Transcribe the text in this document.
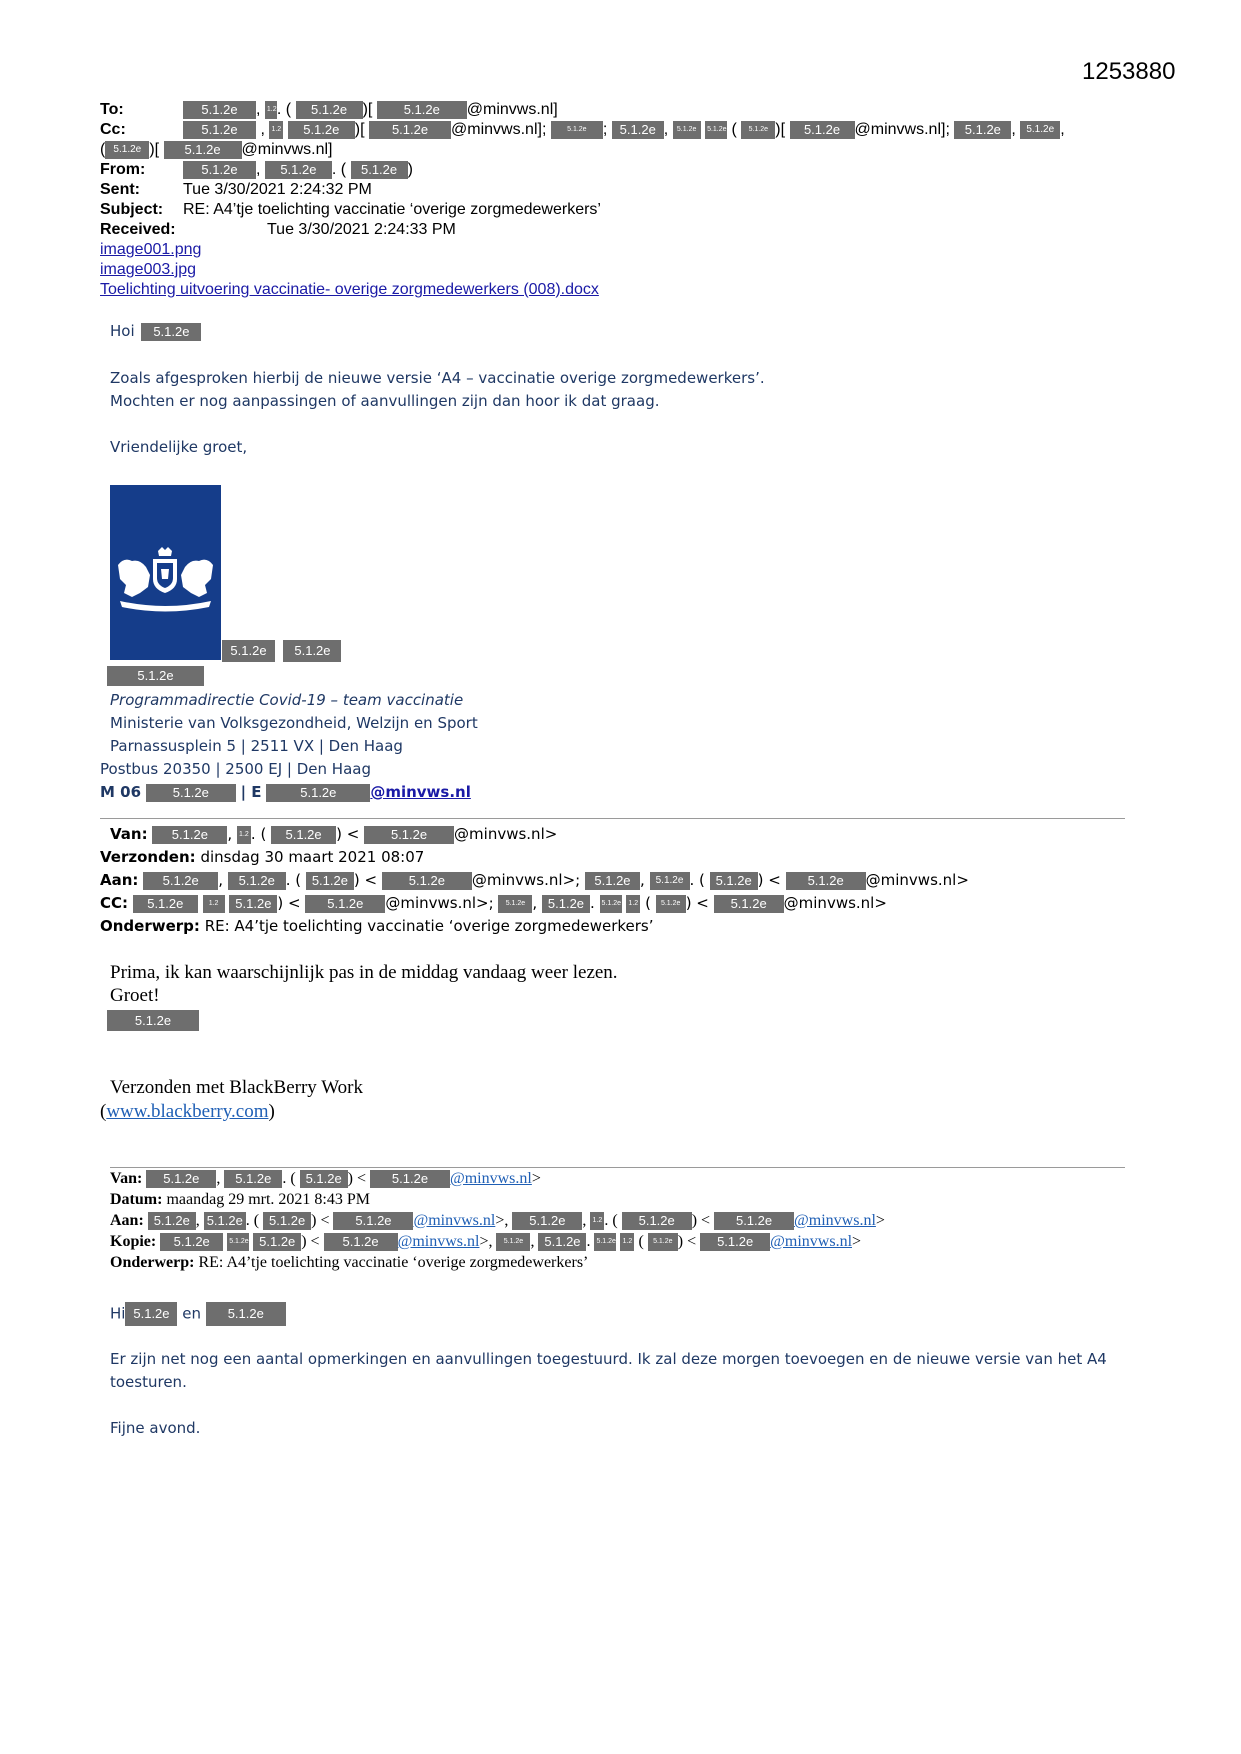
1253880
To:	5.1.2e , 1.2. ( 5.1.2e )[ 5.1.2e @minvws.nl]
Cc:	5.1.2e , 1.2 5.1.2e )[ 5.1.2e @minvws.nl];	5.1.2e ; 5.1.2e , 5.1.2e 5.1.2e ( 5.1.2e )[ 5.1.2e @minvws.nl]; 5.1.2e , 5.1.2e ,
( 5.1.2e )[ 5.1.2e @minvws.nl]
From:	5.1.2e , 5.1.2e . ( 5.1.2e )
Sent:	Tue 3/30/2021 2:24:32 PM
Subject: RE: A4’tje toelichting vaccinatie ‘overige zorgmedewerkers’
Received:	Tue 3/30/2021 2:24:33 PM
image001.png
image003.jpg
Toelichting uitvoering vaccinatie- overige zorgmedewerkers (008).docx
Hoi 5.1.2e
Zoals afgesproken hierbij de nieuwe versie ‘A4 – vaccinatie overige zorgmedewerkers’.
Mochten er nog aanpassingen of aanvullingen zijn dan hoor ik dat graag.
Vriendelijke groet,
5.1.2e 5.1.2e
5.1.2e
Programmadirectie Covid-19 – team vaccinatie
Ministerie van Volksgezondheid, Welzijn en Sport
Parnassusplein 5 | 2511 VX | Den Haag
Postbus 20350 | 2500 EJ | Den Haag
M 06 5.1.2e | E	5.1.2e @minvws.nl
Van: 5.1.2e , 1.2 . ( 5.1.2e ) < 5.1.2e @minvws.nl>
Verzonden: dinsdag 30 maart 2021 08:07
Aan: 5.1.2e , 5.1.2e . ( 5.1.2e ) < 5.1.2e @minvws.nl>; 5.1.2e , 5.1.2e . ( 5.1.2e ) < 5.1.2e @minvws.nl>
CC: 5.1.2e	1.2 5.1.2e ) < 5.1.2e @minvws.nl>; 5.1.2e , 5.1.2e . 5.1.2e 1.2 ( 5.1.2e ) < 5.1.2e @minvws.nl>
Onderwerp: RE: A4’tje toelichting vaccinatie ‘overige zorgmedewerkers’
Prima, ik kan waarschijnlijk pas in de middag vandaag weer lezen.
Groet!
5.1.2e
Verzonden met BlackBerry Work
(www.blackberry.com)
Van: 5.1.2e , 5.1.2e . ( 5.1.2e ) < 5.1.2e @minvws.nl>
Datum: maandag 29 mrt. 2021 8:43 PM
Aan: 5.1.2e , 5.1.2e . ( 5.1.2e ) < 5.1.2e @minvws.nl>, 5.1.2e , 1.2 . ( 5.1.2e ) < 5.1.2e @minvws.nl>
Kopie: 5.1.2e	5.1.2e 5.1.2e ) < 5.1.2e @minvws.nl>, 5.1.2e , 5.1.2e . 5.1.2e 1.2 ( 5.1.2e ) < 5.1.2e @minvws.nl>
Onderwerp: RE: A4’tje toelichting vaccinatie ‘overige zorgmedewerkers’
Hi 5.1.2e en 5.1.2e
Er zijn net nog een aantal opmerkingen en aanvullingen toegestuurd. Ik zal deze morgen toevoegen en de nieuwe versie van het A4
toesturen.
Fijne avond.
